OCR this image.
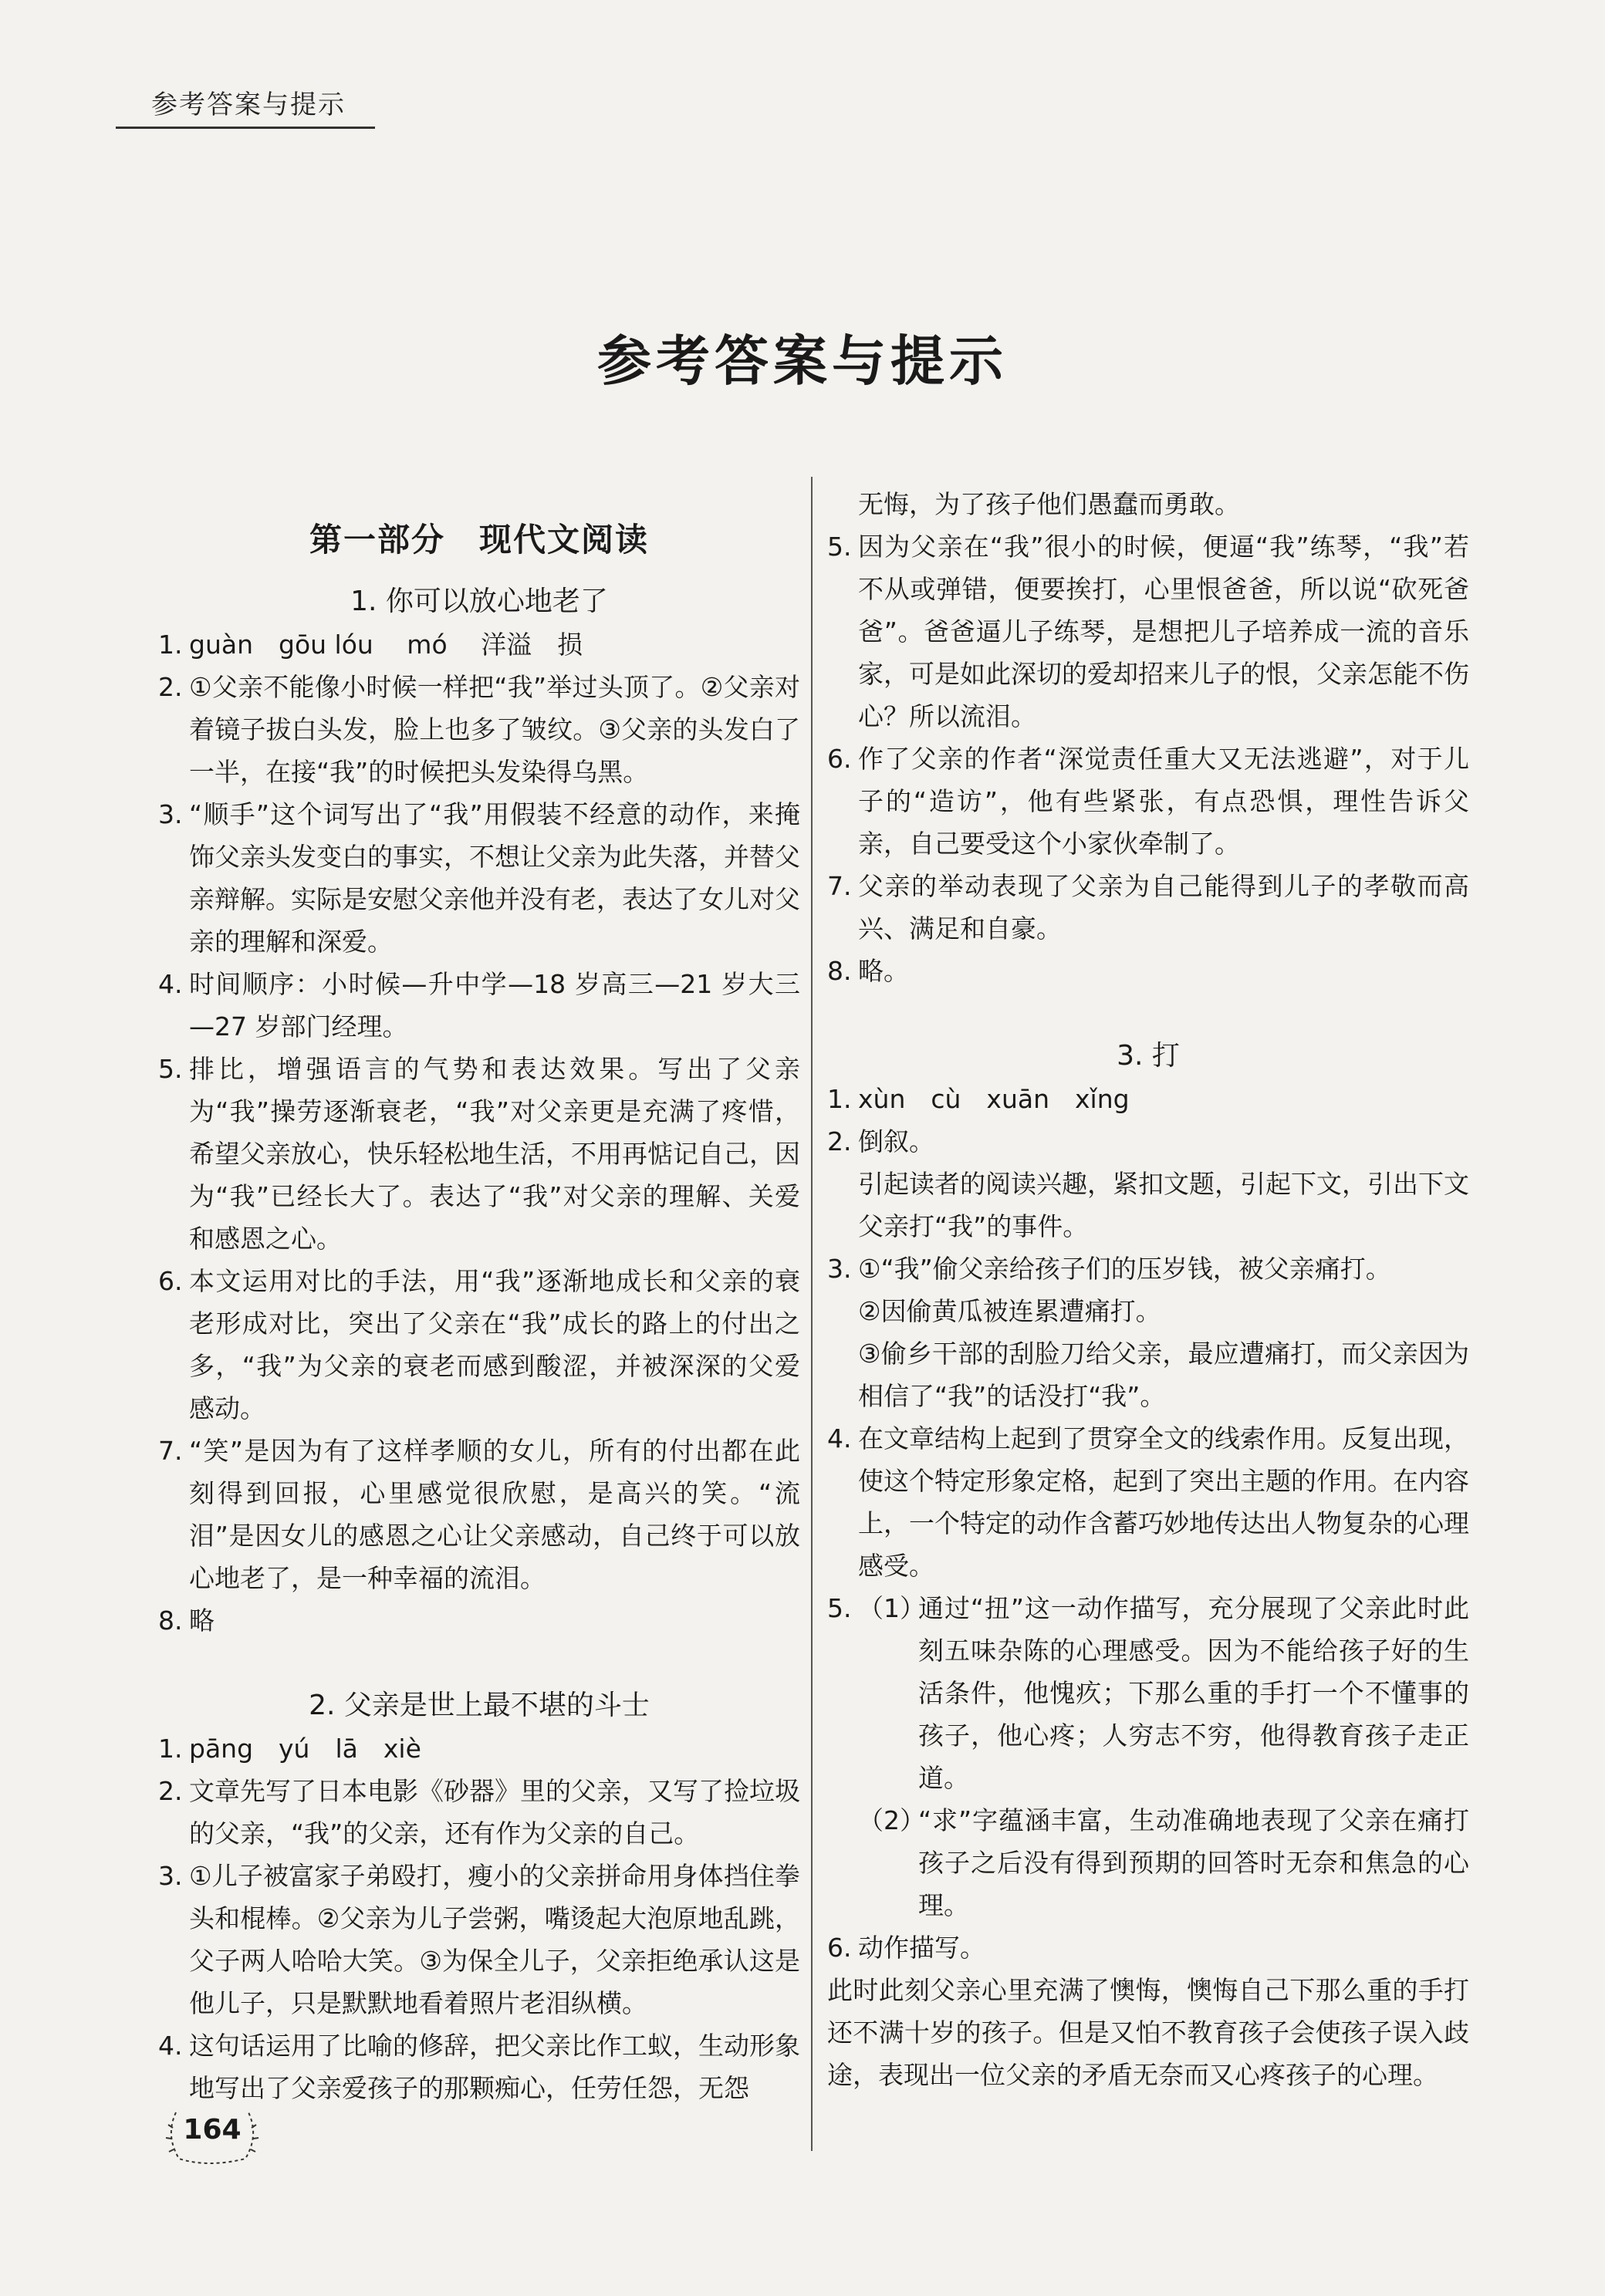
参考答案与提示
参考答案与提示
第一部分　现代文阅读
1. 你可以放心地老了
1. guàn　gōu lóu　 mó　 洋溢　损
2. ①父亲不能像小时候一样把“我”举过头顶了。②父亲对着镜子拔白头发，脸上也多了皱纹。③父亲的头发白了一半，在接“我”的时候把头发染得乌黑。
3. “顺手”这个词写出了“我”用假装不经意的动作，来掩饰父亲头发变白的事实，不想让父亲为此失落，并替父亲辩解。实际是安慰父亲他并没有老，表达了女儿对父亲的理解和深爱。
4. 时间顺序：小时候—升中学—18 岁高三—21 岁大三—27 岁部门经理。
5. 排比，增强语言的气势和表达效果。写出了父亲为“我”操劳逐渐衰老，“我”对父亲更是充满了疼惜，希望父亲放心，快乐轻松地生活，不用再惦记自己，因为“我”已经长大了。表达了“我”对父亲的理解、关爱和感恩之心。
6. 本文运用对比的手法，用“我”逐渐地成长和父亲的衰老形成对比，突出了父亲在“我”成长的路上的付出之多，“我”为父亲的衰老而感到酸涩，并被深深的父爱感动。
7. “笑”是因为有了这样孝顺的女儿，所有的付出都在此刻得到回报，心里感觉很欣慰，是高兴的笑。“流泪”是因女儿的感恩之心让父亲感动，自己终于可以放心地老了，是一种幸福的流泪。
8. 略
2. 父亲是世上最不堪的斗士
1. pāng　yú　lā　xiè
2. 文章先写了日本电影《砂器》里的父亲，又写了捡垃圾的父亲，“我”的父亲，还有作为父亲的自己。
3. ①儿子被富家子弟殴打，瘦小的父亲拼命用身体挡住拳头和棍棒。②父亲为儿子尝粥，嘴烫起大泡原地乱跳，父子两人哈哈大笑。③为保全儿子，父亲拒绝承认这是他儿子，只是默默地看着照片老泪纵横。
4. 这句话运用了比喻的修辞，把父亲比作工蚁，生动形象地写出了父亲爱孩子的那颗痴心，任劳任怨，无怨
无悔，为了孩子他们愚蠢而勇敢。
5. 因为父亲在“我”很小的时候，便逼“我”练琴，“我”若不从或弹错，便要挨打，心里恨爸爸，所以说“砍死爸爸”。爸爸逼儿子练琴，是想把儿子培养成一流的音乐家，可是如此深切的爱却招来儿子的恨，父亲怎能不伤心？所以流泪。
6. 作了父亲的作者“深觉责任重大又无法逃避”，对于儿子的“造访”，他有些紧张，有点恐惧，理性告诉父亲，自己要受这个小家伙牵制了。
7. 父亲的举动表现了父亲为自己能得到儿子的孝敬而高兴、满足和自豪。
8. 略。
3. 打
1. xùn　cù　xuān　xǐng
2. 倒叙。
引起读者的阅读兴趣，紧扣文题，引起下文，引出下文父亲打“我”的事件。
3. ①“我”偷父亲给孩子们的压岁钱，被父亲痛打。
②因偷黄瓜被连累遭痛打。
③偷乡干部的刮脸刀给父亲，最应遭痛打，而父亲因为相信了“我”的话没打“我”。
4. 在文章结构上起到了贯穿全文的线索作用。反复出现，使这个特定形象定格，起到了突出主题的作用。在内容上，一个特定的动作含蓄巧妙地传达出人物复杂的心理感受。
5. （1）
通过“扭”这一动作描写，充分展现了父亲此时此刻五味杂陈的心理感受。因为不能给孩子好的生活条件，他愧疚；下那么重的手打一个不懂事的孩子，他心疼；人穷志不穷，他得教育孩子走正道。
（2）
“求”字蕴涵丰富，生动准确地表现了父亲在痛打孩子之后没有得到预期的回答时无奈和焦急的心理。
6. 动作描写。
此时此刻父亲心里充满了懊悔，懊悔自己下那么重的手打还不满十岁的孩子。但是又怕不教育孩子会使孩子误入歧途，表现出一位父亲的矛盾无奈而又心疼孩子的心理。
164
